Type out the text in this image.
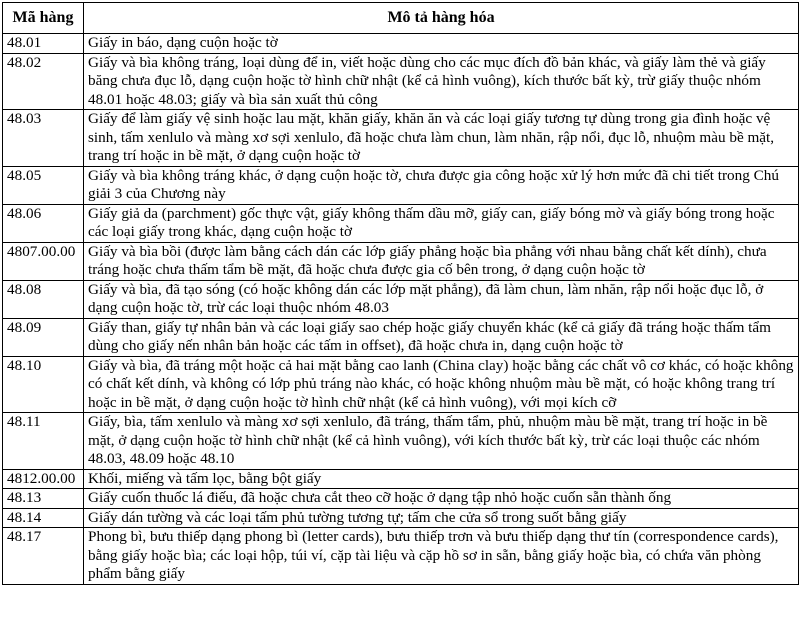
Mã hàng	Mô tả hàng hóa
48.01	Giấy in báo, dạng cuộn hoặc tờ
48.02	Giấy và bìa không tráng, loại dùng để in, viết hoặc dùng cho các mục đích đồ bản khác, và giấy làm thẻ và giấy băng chưa đục lỗ, dạng cuộn hoặc tờ hình chữ nhật (kể cả hình vuông), kích thước bất kỳ, trừ giấy thuộc nhóm 48.01 hoặc 48.03; giấy và bìa sản xuất thủ công
48.03	Giấy để làm giấy vệ sinh hoặc lau mặt, khăn giấy, khăn ăn và các loại giấy tương tự dùng trong gia đình hoặc vệ sinh, tấm xenlulo và màng xơ sợi xenlulo, đã hoặc chưa làm chun, làm nhăn, rập nổi, đục lỗ, nhuộm màu bề mặt, trang trí hoặc in bề mặt, ở dạng cuộn hoặc tờ
48.05	Giấy và bìa không tráng khác, ở dạng cuộn hoặc tờ, chưa được gia công hoặc xử lý hơn mức đã chi tiết trong Chú giải 3 của Chương này
48.06	Giấy giả da (parchment) gốc thực vật, giấy không thấm dầu mỡ, giấy can, giấy bóng mờ và giấy bóng trong hoặc các loại giấy trong khác, dạng cuộn hoặc tờ
4807.00.00	Giấy và bìa bồi (được làm bằng cách dán các lớp giấy phẳng hoặc bìa phẳng với nhau bằng chất kết dính), chưa tráng hoặc chưa thấm tẩm bề mặt, đã hoặc chưa được gia cố bên trong, ở dạng cuộn hoặc tờ
48.08	Giấy và bìa, đã tạo sóng (có hoặc không dán các lớp mặt phẳng), đã làm chun, làm nhăn, rập nổi hoặc đục lỗ, ở dạng cuộn hoặc tờ, trừ các loại thuộc nhóm 48.03
48.09	Giấy than, giấy tự nhân bản và các loại giấy sao chép hoặc giấy chuyển khác (kể cả giấy đã tráng hoặc thấm tẩm dùng cho giấy nến nhân bản hoặc các tấm in offset), đã hoặc chưa in, dạng cuộn hoặc tờ
48.10	Giấy và bìa, đã tráng một hoặc cả hai mặt bằng cao lanh (China clay) hoặc bằng các chất vô cơ khác, có hoặc không có chất kết dính, và không có lớp phủ tráng nào khác, có hoặc không nhuộm màu bề mặt, có hoặc không trang trí hoặc in bề mặt, ở dạng cuộn hoặc tờ hình chữ nhật (kể cả hình vuông), với mọi kích cỡ
48.11	Giấy, bìa, tấm xenlulo và màng xơ sợi xenlulo, đã tráng, thấm tẩm, phủ, nhuộm màu bề mặt, trang trí hoặc in bề mặt, ở dạng cuộn hoặc tờ hình chữ nhật (kể cả hình vuông), với kích thước bất kỳ, trừ các loại thuộc các nhóm 48.03, 48.09 hoặc 48.10
4812.00.00	Khối, miếng và tấm lọc, bằng bột giấy
48.13	Giấy cuốn thuốc lá điếu, đã hoặc chưa cắt theo cỡ hoặc ở dạng tập nhỏ hoặc cuốn sẵn thành ống
48.14	Giấy dán tường và các loại tấm phủ tường tương tự; tấm che cửa sổ trong suốt bằng giấy
48.17	Phong bì, bưu thiếp dạng phong bì (letter cards), bưu thiếp trơn và bưu thiếp dạng thư tín (correspondence cards), bằng giấy hoặc bìa; các loại hộp, túi ví, cặp tài liệu và cặp hồ sơ in sẵn, bằng giấy hoặc bìa, có chứa văn phòng phẩm bằng giấy
